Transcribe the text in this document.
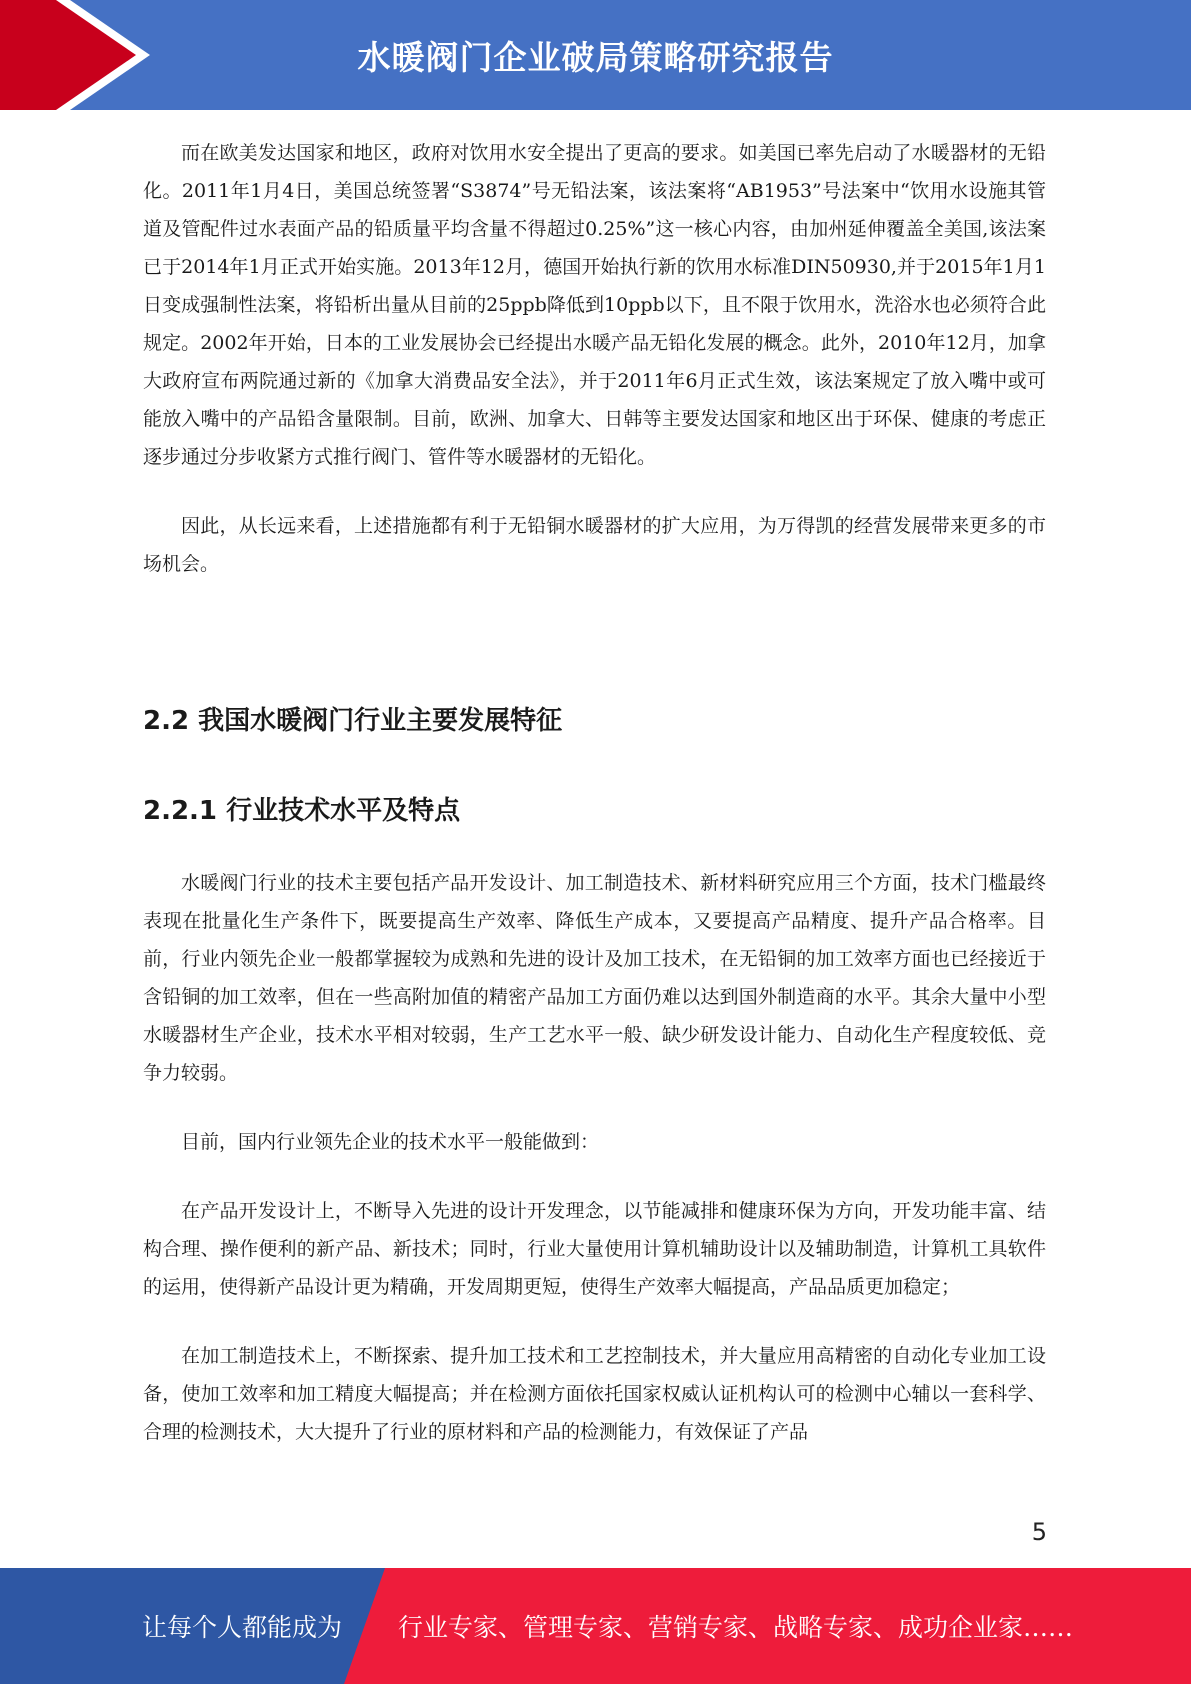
水暖阀门企业破局策略研究报告

而在欧美发达国家和地区，政府对饮用水安全提出了更高的要求。如美国已率先启动了水暖器材的无铅化。2011年1月4日，美国总统签署“S3874”号无铅法案，该法案将“AB1953”号法案中“饮用水设施其管道及管配件过水表面产品的铅质量平均含量不得超过0.25%”这一核心内容，由加州延伸覆盖全美国,该法案已于2014年1月正式开始实施。2013年12月，德国开始执行新的饮用水标准DIN50930,并于2015年1月1日变成强制性法案，将铅析出量从目前的25ppb降低到10ppb以下，且不限于饮用水，洗浴水也必须符合此规定。2002年开始，日本的工业发展协会已经提出水暖产品无铅化发展的概念。此外，2010年12月，加拿大政府宣布两院通过新的《加拿大消费品安全法》，并于2011年6月正式生效，该法案规定了放入嘴中或可能放入嘴中的产品铅含量限制。目前，欧洲、加拿大、日韩等主要发达国家和地区出于环保、健康的考虑正逐步通过分步收紧方式推行阀门、管件等水暖器材的无铅化。

因此，从长远来看，上述措施都有利于无铅铜水暖器材的扩大应用，为万得凯的经营发展带来更多的市场机会。

2.2 我国水暖阀门行业主要发展特征
2.2.1 行业技术水平及特点

水暖阀门行业的技术主要包括产品开发设计、加工制造技术、新材料研究应用三个方面，技术门槛最终表现在批量化生产条件下，既要提高生产效率、降低生产成本，又要提高产品精度、提升产品合格率。目前，行业内领先企业一般都掌握较为成熟和先进的设计及加工技术，在无铅铜的加工效率方面也已经接近于含铅铜的加工效率，但在一些高附加值的精密产品加工方面仍难以达到国外制造商的水平。其余大量中小型水暖器材生产企业，技术水平相对较弱，生产工艺水平一般、缺少研发设计能力、自动化生产程度较低、竞争力较弱。

目前，国内行业领先企业的技术水平一般能做到：

在产品开发设计上，不断导入先进的设计开发理念，以节能减排和健康环保为方向，开发功能丰富、结构合理、操作便利的新产品、新技术；同时，行业大量使用计算机辅助设计以及辅助制造，计算机工具软件的运用，使得新产品设计更为精确，开发周期更短，使得生产效率大幅提高，产品品质更加稳定；

在加工制造技术上，不断探索、提升加工技术和工艺控制技术，并大量应用高精密的自动化专业加工设备，使加工效率和加工精度大幅提高；并在检测方面依托国家权威认证机构认可的检测中心辅以一套科学、合理的检测技术，大大提升了行业的原材料和产品的检测能力，有效保证了产品

5
让每个人都能成为 行业专家、管理专家、营销专家、战略专家、成功企业家……
